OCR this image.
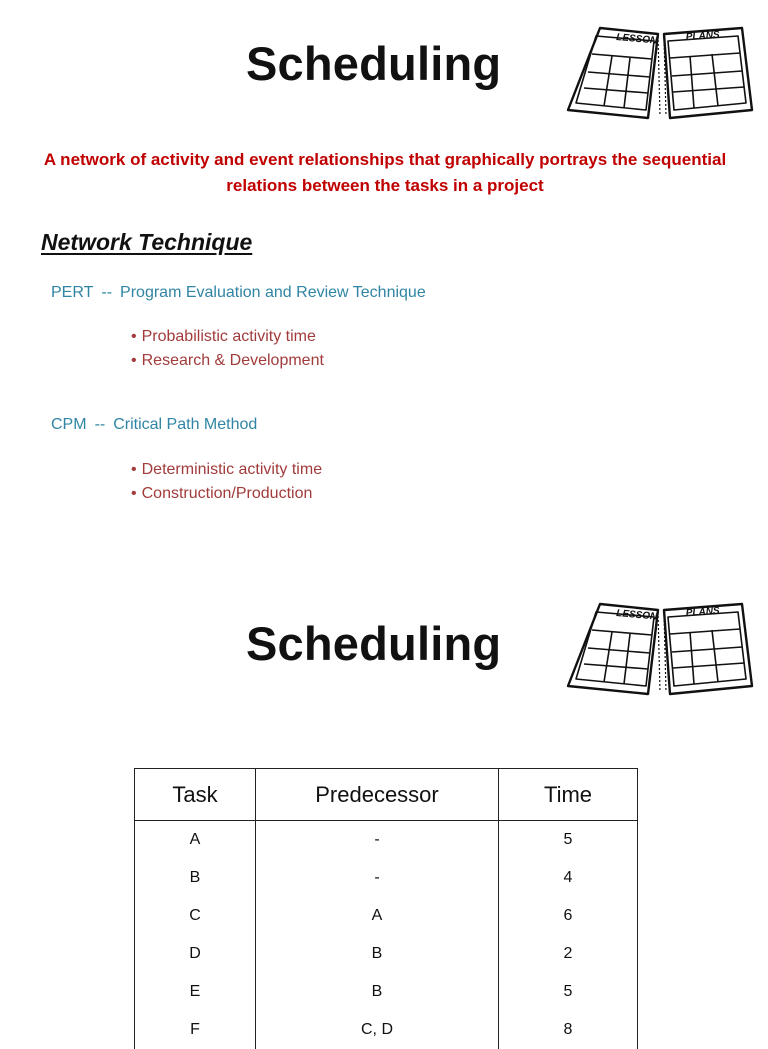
Scheduling	LESSON	PLANS
A network of activity and event relationships that graphically portrays the sequential relations between the tasks in a project
Network Technique
PERT -- Program Evaluation and Review Technique
• Probabilistic activity time
• Research & Development
CPM -- Critical Path Method
• Deterministic activity time
• Construction/Production
Scheduling
LESSON	PLANS
Task	Predecessor	Time
A	-	5
B	-	4
C	A	6
D	B	2
E	B	5
F	C, D	8
